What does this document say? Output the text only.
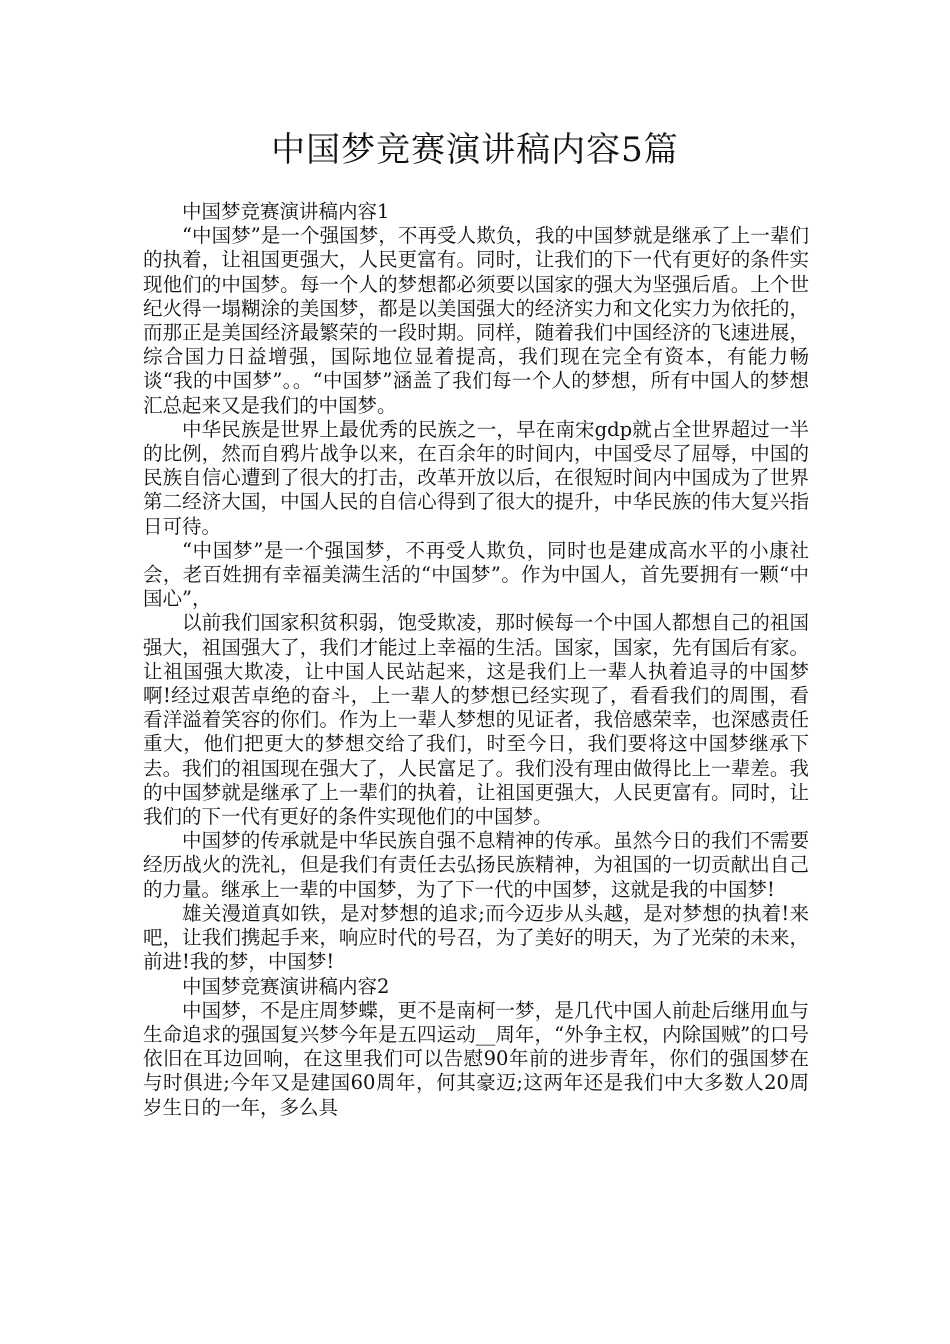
中国梦竞赛演讲稿内容5篇

中国梦竞赛演讲稿内容1

“中国梦”是一个强国梦，不再受人欺负，我的中国梦就是继承了上一辈们的执着，让祖国更强大，人民更富有。同时，让我们的下一代有更好的条件实现他们的中国梦。每一个人的梦想都必须要以国家的强大为坚强后盾。上个世纪火得一塌糊涂的美国梦，都是以美国强大的经济实力和文化实力为依托的，而那正是美国经济最繁荣的一段时期。同样，随着我们中国经济的飞速进展，综合国力日益增强，国际地位显着提高，我们现在完全有资本，有能力畅谈“我的中国梦”。。“中国梦”涵盖了我们每一个人的梦想，所有中国人的梦想汇总起来又是我们的中国梦。

中华民族是世界上最优秀的民族之一，早在南宋gdp就占全世界超过一半的比例，然而自鸦片战争以来，在百余年的时间内，中国受尽了屈辱，中国的民族自信心遭到了很大的打击，改革开放以后，在很短时间内中国成为了世界第二经济大国，中国人民的自信心得到了很大的提升，中华民族的伟大复兴指日可待。

“中国梦”是一个强国梦，不再受人欺负，同时也是建成高水平的小康社会，老百姓拥有幸福美满生活的“中国梦”。作为中国人，首先要拥有一颗“中国心”，

以前我们国家积贫积弱，饱受欺凌，那时候每一个中国人都想自己的祖国强大，祖国强大了，我们才能过上幸福的生活。国家，国家，先有国后有家。让祖国强大欺凌，让中国人民站起来，这是我们上一辈人执着追寻的中国梦啊!经过艰苦卓绝的奋斗，上一辈人的梦想已经实现了，看看我们的周围，看看洋溢着笑容的你们。作为上一辈人梦想的见证者，我倍感荣幸，也深感责任重大，他们把更大的梦想交给了我们，时至今日，我们要将这中国梦继承下去。我们的祖国现在强大了，人民富足了。我们没有理由做得比上一辈差。我的中国梦就是继承了上一辈们的执着，让祖国更强大，人民更富有。同时，让我们的下一代有更好的条件实现他们的中国梦。

中国梦的传承就是中华民族自强不息精神的传承。虽然今日的我们不需要经历战火的洗礼，但是我们有责任去弘扬民族精神，为祖国的一切贡献出自己的力量。继承上一辈的中国梦，为了下一代的中国梦，这就是我的中国梦!

雄关漫道真如铁，是对梦想的追求;而今迈步从头越，是对梦想的执着!来吧，让我们携起手来，响应时代的号召，为了美好的明天，为了光荣的未来，前进!我的梦，中国梦!

中国梦竞赛演讲稿内容2

中国梦，不是庄周梦蝶，更不是南柯一梦，是几代中国人前赴后继用血与生命追求的强国复兴梦今年是五四运动__周年，“外争主权，内除国贼”的口号依旧在耳边回响，在这里我们可以告慰90年前的进步青年，你们的强国梦在与时俱进;今年又是建国60周年，何其豪迈;这两年还是我们中大多数人20周岁生日的一年，多么具
